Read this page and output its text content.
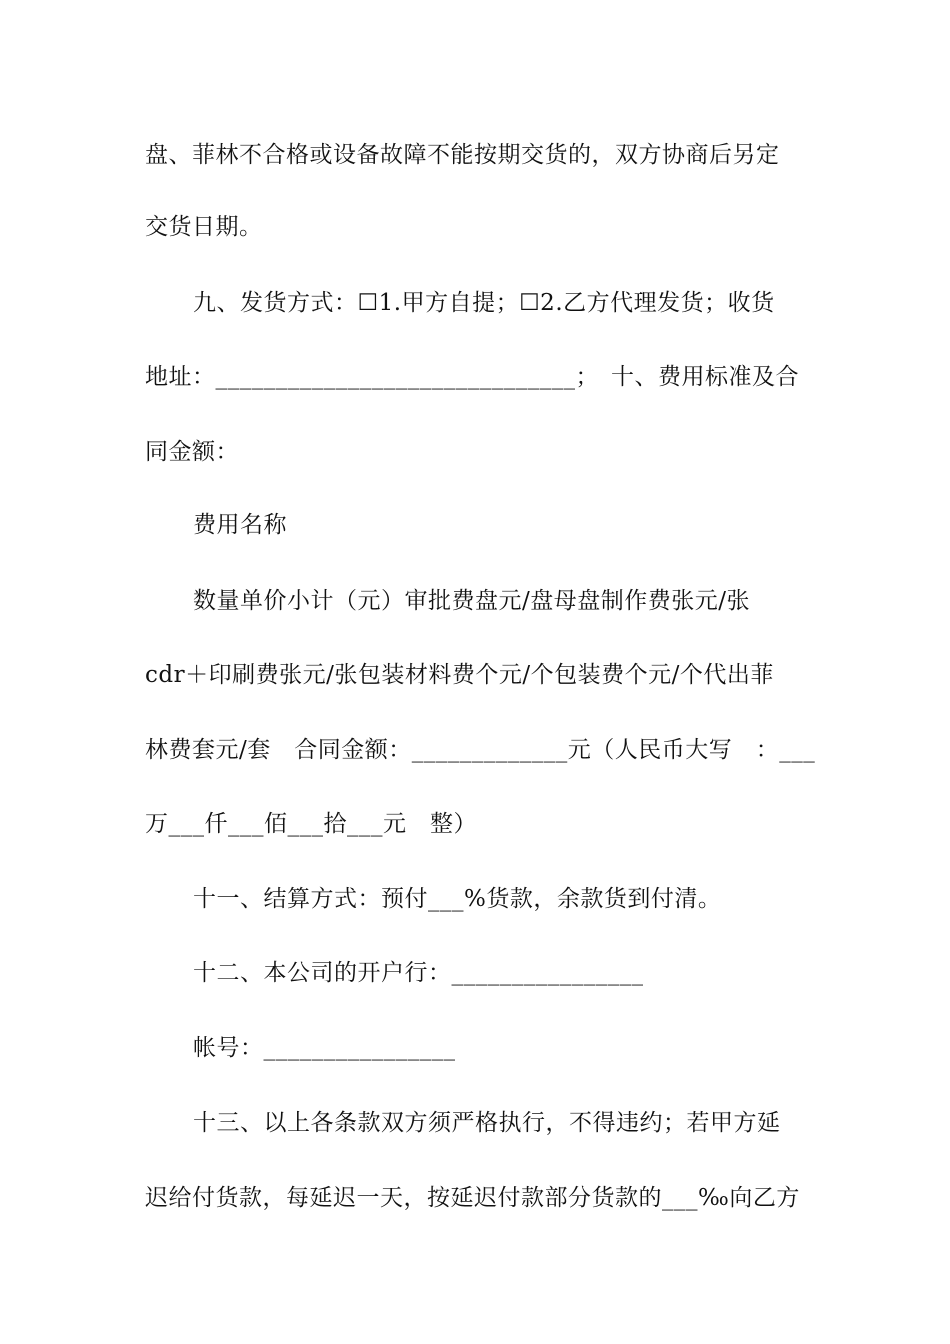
盘、菲林不合格或设备故障不能按期交货的，双方协商后另定
交货日期。
九、发货方式：☐1.甲方自提；☐2.乙方代理发货；收货
地址：______________________________；　十、费用标准及合
同金额：
费用名称
数量单价小计（元）审批费盘元/盘母盘制作费张元/张
cdr＋印刷费张元/张包装材料费个元/个包装费个元/个代出菲
林费套元/套　合同金额：_____________元（人民币大写　：___
万___仟___佰___拾___元　整）
十一、结算方式：预付___%货款，余款货到付清。
十二、本公司的开户行：________________
帐号：________________
十三、以上各条款双方须严格执行，不得违约；若甲方延
迟给付货款，每延迟一天，按延迟付款部分货款的___‰向乙方
